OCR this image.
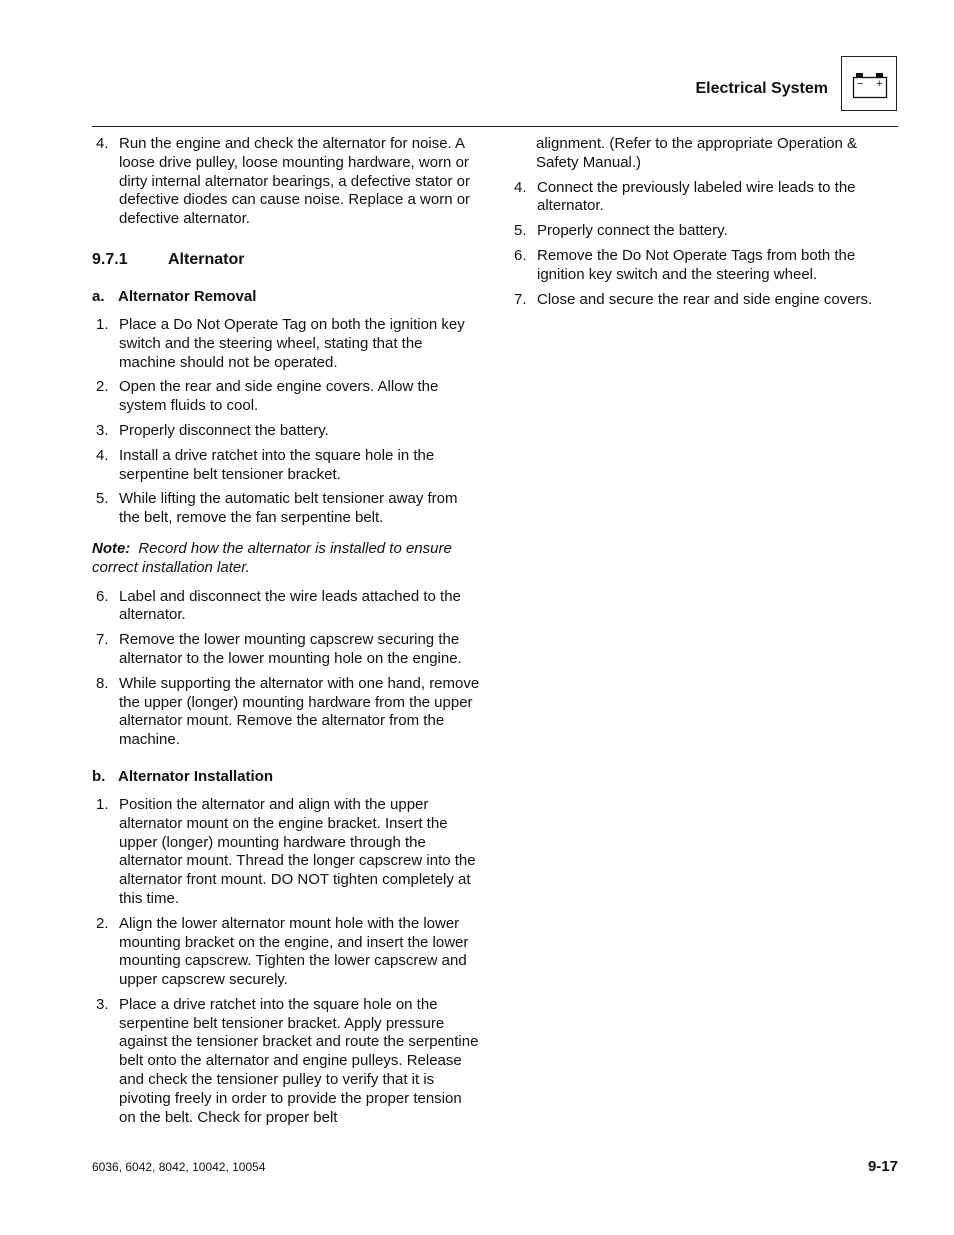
Electrical System	− +
4. Run the engine and check the alternator for noise. A loose drive pulley, loose mounting hardware, worn or dirty internal alternator bearings, a defective stator or defective diodes can cause noise. Replace a worn or defective alternator.
9.7.1	Alternator
a. Alternator Removal
1. Place a Do Not Operate Tag on both the ignition key switch and the steering wheel, stating that the machine should not be operated.
2. Open the rear and side engine covers. Allow the system fluids to cool.
3. Properly disconnect the battery.
4. Install a drive ratchet into the square hole in the serpentine belt tensioner bracket.
5. While lifting the automatic belt tensioner away from the belt, remove the fan serpentine belt.
Note: Record how the alternator is installed to ensure correct installation later.
6. Label and disconnect the wire leads attached to the alternator.
7. Remove the lower mounting capscrew securing the alternator to the lower mounting hole on the engine.
8. While supporting the alternator with one hand, remove the upper (longer) mounting hardware from the upper alternator mount. Remove the alternator from the machine.
b. Alternator Installation
1. Position the alternator and align with the upper alternator mount on the engine bracket. Insert the upper (longer) mounting hardware through the alternator mount. Thread the longer capscrew into the alternator front mount. DO NOT tighten completely at this time.
2. Align the lower alternator mount hole with the lower mounting bracket on the engine, and insert the lower mounting capscrew. Tighten the lower capscrew and upper capscrew securely.
3. Place a drive ratchet into the square hole on the serpentine belt tensioner bracket. Apply pressure against the tensioner bracket and route the serpentine belt onto the alternator and engine pulleys. Release and check the tensioner pulley to verify that it is pivoting freely in order to provide the proper tension on the belt. Check for proper belt
alignment. (Refer to the appropriate Operation & Safety Manual.)
4. Connect the previously labeled wire leads to the alternator.
5. Properly connect the battery.
6. Remove the Do Not Operate Tags from both the ignition key switch and the steering wheel.
7. Close and secure the rear and side engine covers.
6036, 6042, 8042, 10042, 10054	9-17
